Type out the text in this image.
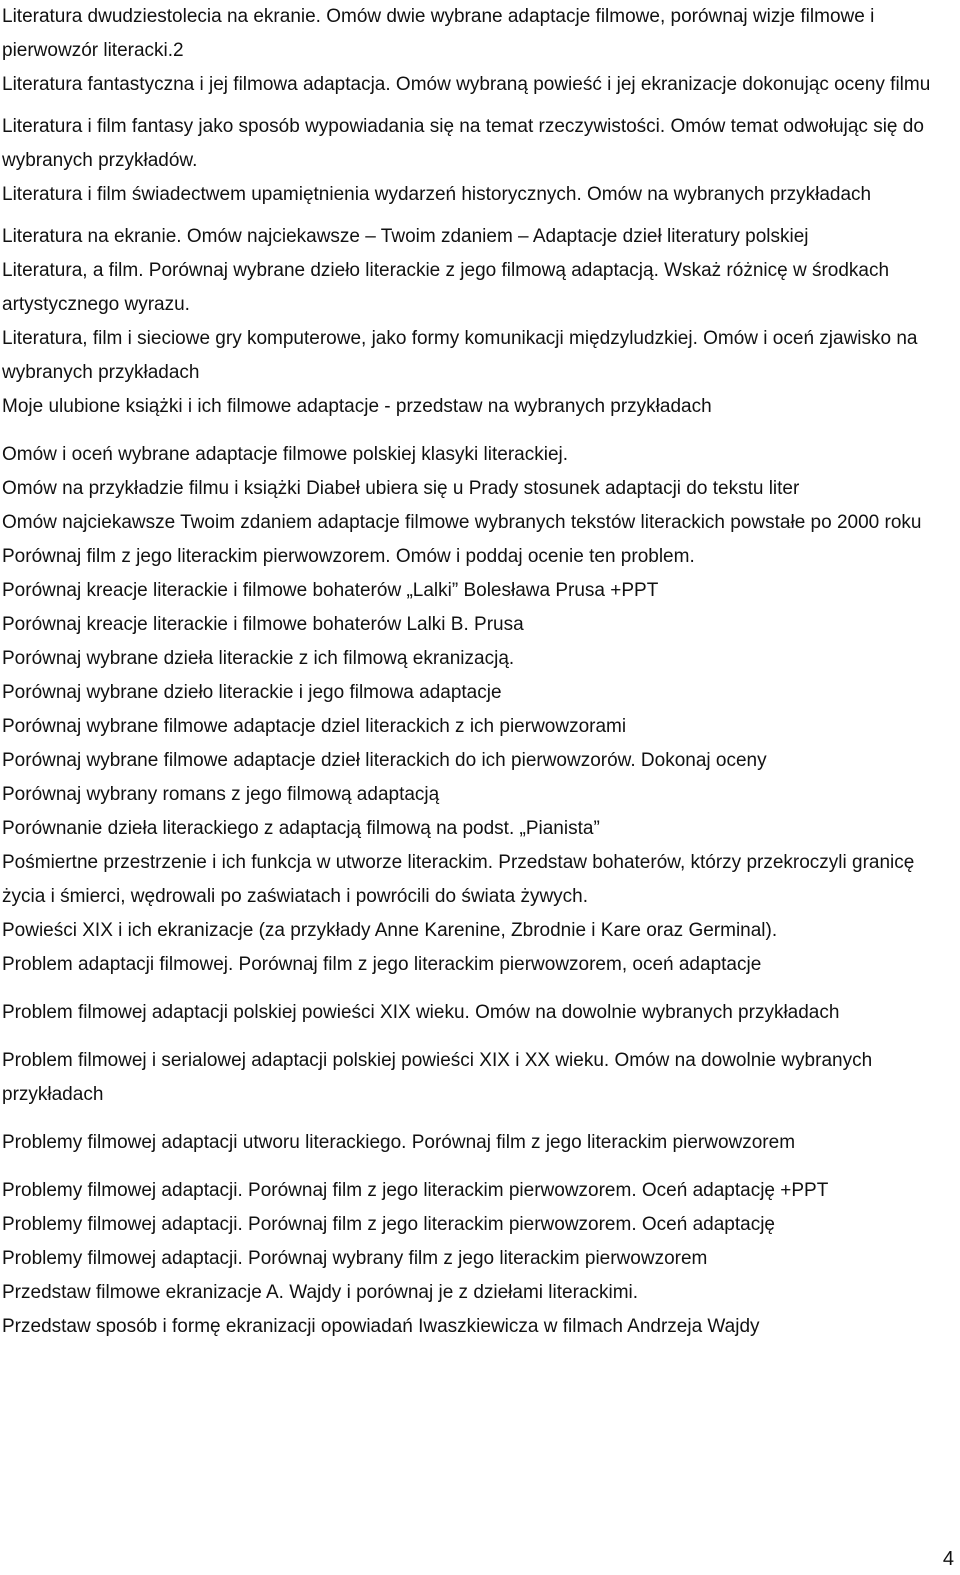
Literatura dwudziestolecia na ekranie. Omów dwie wybrane adaptacje filmowe, porównaj wizje filmowe i pierwowzór literacki.2

Literatura fantastyczna i jej filmowa adaptacja. Omów wybraną powieść i jej ekranizacje dokonując oceny filmu

Literatura i film fantasy jako sposób wypowiadania się na temat rzeczywistości. Omów temat odwołując się do wybranych przykładów.

Literatura i film świadectwem upamiętnienia wydarzeń historycznych. Omów na wybranych przykładach

Literatura na ekranie. Omów najciekawsze – Twoim zdaniem – Adaptacje dzieł literatury polskiej

Literatura, a film. Porównaj wybrane dzieło literackie z jego filmową adaptacją. Wskaż różnicę w środkach artystycznego wyrazu.

Literatura, film i sieciowe gry komputerowe, jako formy komunikacji międzyludzkiej. Omów i oceń zjawisko na wybranych przykładach

Moje ulubione książki i ich filmowe adaptacje - przedstaw na wybranych przykładach

Omów i oceń wybrane adaptacje filmowe polskiej klasyki literackiej.

Omów na przykładzie filmu i książki Diabeł ubiera się u Prady stosunek adaptacji do tekstu liter

Omów najciekawsze Twoim zdaniem adaptacje filmowe wybranych tekstów literackich powstałe po 2000 roku

Porównaj film z jego literackim pierwowzorem. Omów i poddaj ocenie ten problem.

Porównaj kreacje literackie i filmowe bohaterów „Lalki” Bolesława Prusa +PPT

Porównaj kreacje literackie i filmowe bohaterów Lalki B. Prusa

Porównaj wybrane dzieła literackie z ich filmową ekranizacją.

Porównaj wybrane dzieło literackie i jego filmowa adaptacje

Porównaj wybrane filmowe adaptacje dziel literackich z ich pierwowzorami

Porównaj wybrane filmowe adaptacje dzieł literackich do ich pierwowzorów. Dokonaj oceny

Porównaj wybrany romans z jego filmową adaptacją

Porównanie dzieła literackiego z adaptacją filmową na podst. „Pianista”

Pośmiertne przestrzenie i ich funkcja w utworze literackim. Przedstaw bohaterów, którzy przekroczyli granicę życia i śmierci, wędrowali po zaświatach i powrócili do świata żywych.

Powieści XIX i ich ekranizacje (za przykłady Anne Karenine, Zbrodnie i Kare oraz Germinal).

Problem adaptacji filmowej. Porównaj film z jego literackim pierwowzorem, oceń adaptacje

Problem filmowej adaptacji polskiej powieści XIX wieku. Omów na dowolnie wybranych przykładach

Problem filmowej i serialowej adaptacji polskiej powieści XIX i XX wieku. Omów na dowolnie wybranych przykładach

Problemy filmowej adaptacji utworu literackiego. Porównaj film z jego literackim pierwowzorem

Problemy filmowej adaptacji. Porównaj film z jego literackim pierwowzorem. Oceń adaptację +PPT

Problemy filmowej adaptacji. Porównaj film z jego literackim pierwowzorem. Oceń adaptację

Problemy filmowej adaptacji. Porównaj wybrany film z jego literackim pierwowzorem

Przedstaw filmowe ekranizacje A. Wajdy i porównaj je z dziełami literackimi.

Przedstaw sposób i formę ekranizacji opowiadań Iwaszkiewicza w filmach Andrzeja Wajdy

4
